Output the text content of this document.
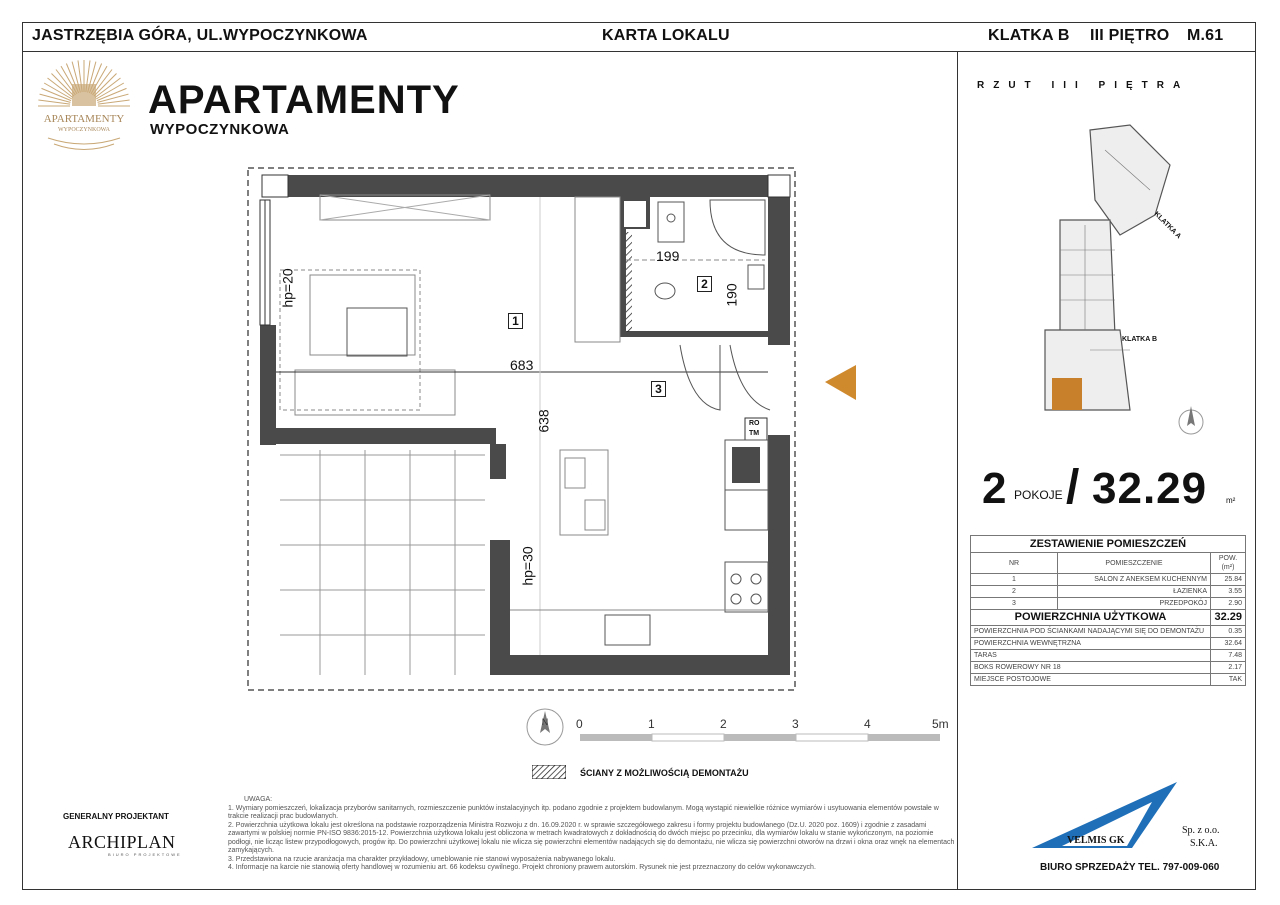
JASTRZĘBIA GÓRA, UL.WYPOCZYNKOWA	KARTA LOKALU	KLATKA B III PIĘTRO M.61
APARTAMENTY
WYPOCZYNKOWA
APARTAMENTY
WYPOCZYNKOWA
683
638
199
190
hp=20
hp=30
1
2
3
RO
TM
N 0	1	2	3	4	5m
ŚCIANY Z MOŻLIWOŚCIĄ DEMONTAŻU
RZUT III PIĘTRA
KLATKA A
KLATKA B
2 POKOJE / 32.29 m²
ZESTAWIENIE POMIESZCZEŃ		
NR	POMIESZCZENIE	POW. (m²)
1	SALON Z ANEKSEM KUCHENNYM	25.84
2	ŁAZIENKA	3.55
3	PRZEDPOKÓJ	2.90
POWIERZCHNIA UŻYTKOWA		32.29
POWIERZCHNIA POD ŚCIANKAMI NADAJĄCYMI SIĘ DO DEMONTAŻU		0.35
POWIERZCHNIA WEWNĘTRZNA		32.64
TARAS		7.48
BOKS ROWEROWY NR 18		2.17
MIEJSCE POSTOJOWE		TAK
UWAGA:
1. Wymiary pomieszczeń, lokalizacja przyborów sanitarnych, rozmieszczenie punktów instalacyjnych itp. podano zgodnie z projektem budowlanym. Mogą wystąpić niewielkie różnice wymiarów i usytuowania elementów powstałe w trakcie realizacji prac budowlanych.
2. Powierzchnia użytkowa lokalu jest określona na podstawie rozporządzenia Ministra Rozwoju z dn. 16.09.2020 r. w sprawie szczegółowego zakresu i formy projektu budowlanego (Dz.U. 2020 poz. 1609) i zgodnie z zasadami zawartymi w polskiej normie PN-ISO 9836:2015-12. Powierzchnia użytkowa lokalu jest obliczona w metrach kwadratowych z dokładnością do dwóch miejsc po przecinku, dla wymiarów lokalu w stanie wykończonym, na poziomie podłogi, nie licząc listew przypodłogowych, progów itp. Do powierzchni użytkowej lokalu nie wlicza się powierzchni elementów nadających się do demontażu, nie wlicza się powierzchni otworów na drzwi i okna oraz wnęk na elementach zamykających.
3. Przedstawiona na rzucie aranżacja ma charakter przykładowy, umeblowanie nie stanowi wyposażenia nabywanego lokalu.
4. Informacje na karcie nie stanowią oferty handlowej w rozumieniu art. 66 kodeksu cywilnego. Projekt chroniony prawem autorskim. Rysunek nie jest przeznaczony do celów wykonawczych.
GENERALNY PROJEKTANT
ARCHIPLAN
BIURO PROJEKTOWE
VELMIS GK
Sp. z o.o.
S.K.A.
BIURO SPRZEDAŻY TEL. 797-009-060
